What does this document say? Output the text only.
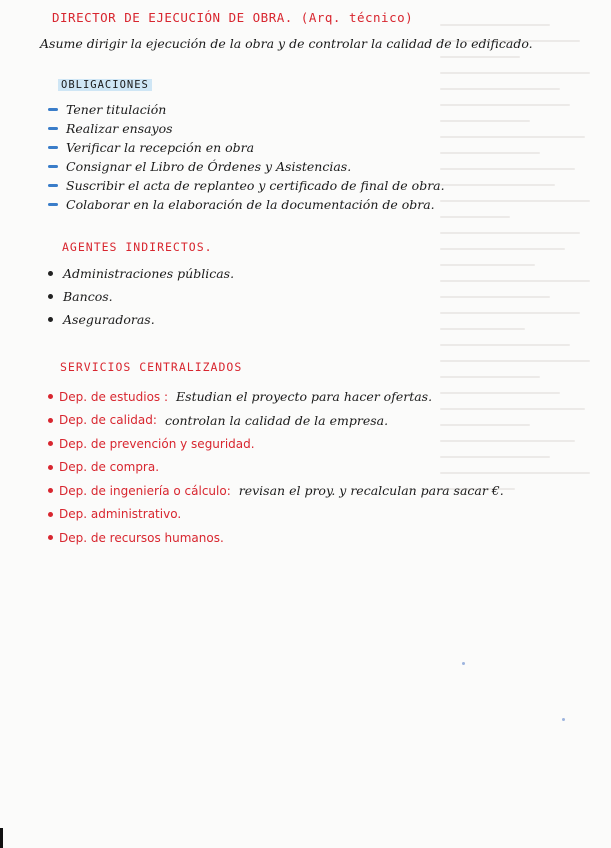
DIRECTOR DE EJECUCIÓN DE OBRA. (Arq. técnico)
Asume dirigir la ejecución de la obra y de controlar la calidad de lo edificado.
OBLIGACIONES
Tener titulación
Realizar ensayos
Verificar la recepción en obra
Consignar el Libro de Órdenes y Asistencias.
Suscribir el acta de replanteo y certificado de final de obra.
Colaborar en la elaboración de la documentación de obra.
AGENTES INDIRECTOS.
Administraciones públicas.
Bancos.
Aseguradoras.
SERVICIOS CENTRALIZADOS
Dep. de estudios : Estudian el proyecto para hacer ofertas.
Dep. de calidad: controlan la calidad de la empresa.
Dep. de prevención y seguridad.
Dep. de compra.
Dep. de ingeniería o cálculo: revisan el proy. y recalculan para sacar €.
Dep. administrativo.
Dep. de recursos humanos.
